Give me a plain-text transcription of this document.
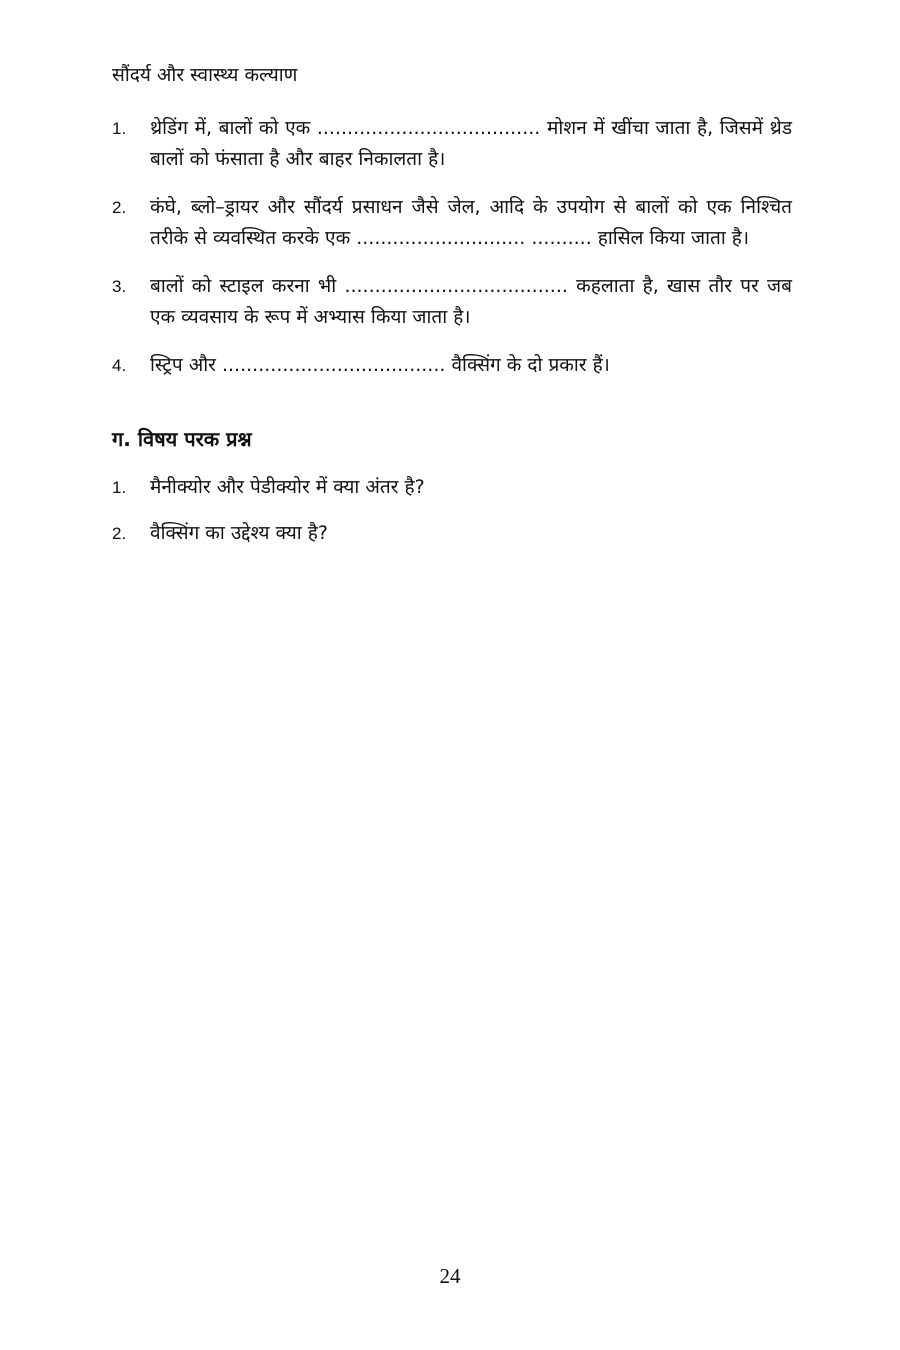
सौंदर्य और स्वास्थ्य कल्याण
1. थ्रेडिंग में, बालों को एक ..................................... मोशन में खींचा जाता है, जिसमें थ्रेड बालों को फंसाता है और बाहर निकालता है।
2. कंघे, ब्लो–ड्रायर और सौंदर्य प्रसाधन जैसे जेल, आदि के उपयोग से बालों को एक निश्चित तरीके से व्यवस्थित करके एक ............................ .......... हासिल किया जाता है।
3. बालों को स्टाइल करना भी ..................................... कहलाता है, खास तौर पर जब एक व्यवसाय के रूप में अभ्यास किया जाता है।
4. स्ट्रिप और ..................................... वैक्सिंग के दो प्रकार हैं।
ग. विषय परक प्रश्न
1. मैनीक्योर और पेडीक्योर में क्या अंतर है?
2. वैक्सिंग का उद्देश्य क्या है?
24
